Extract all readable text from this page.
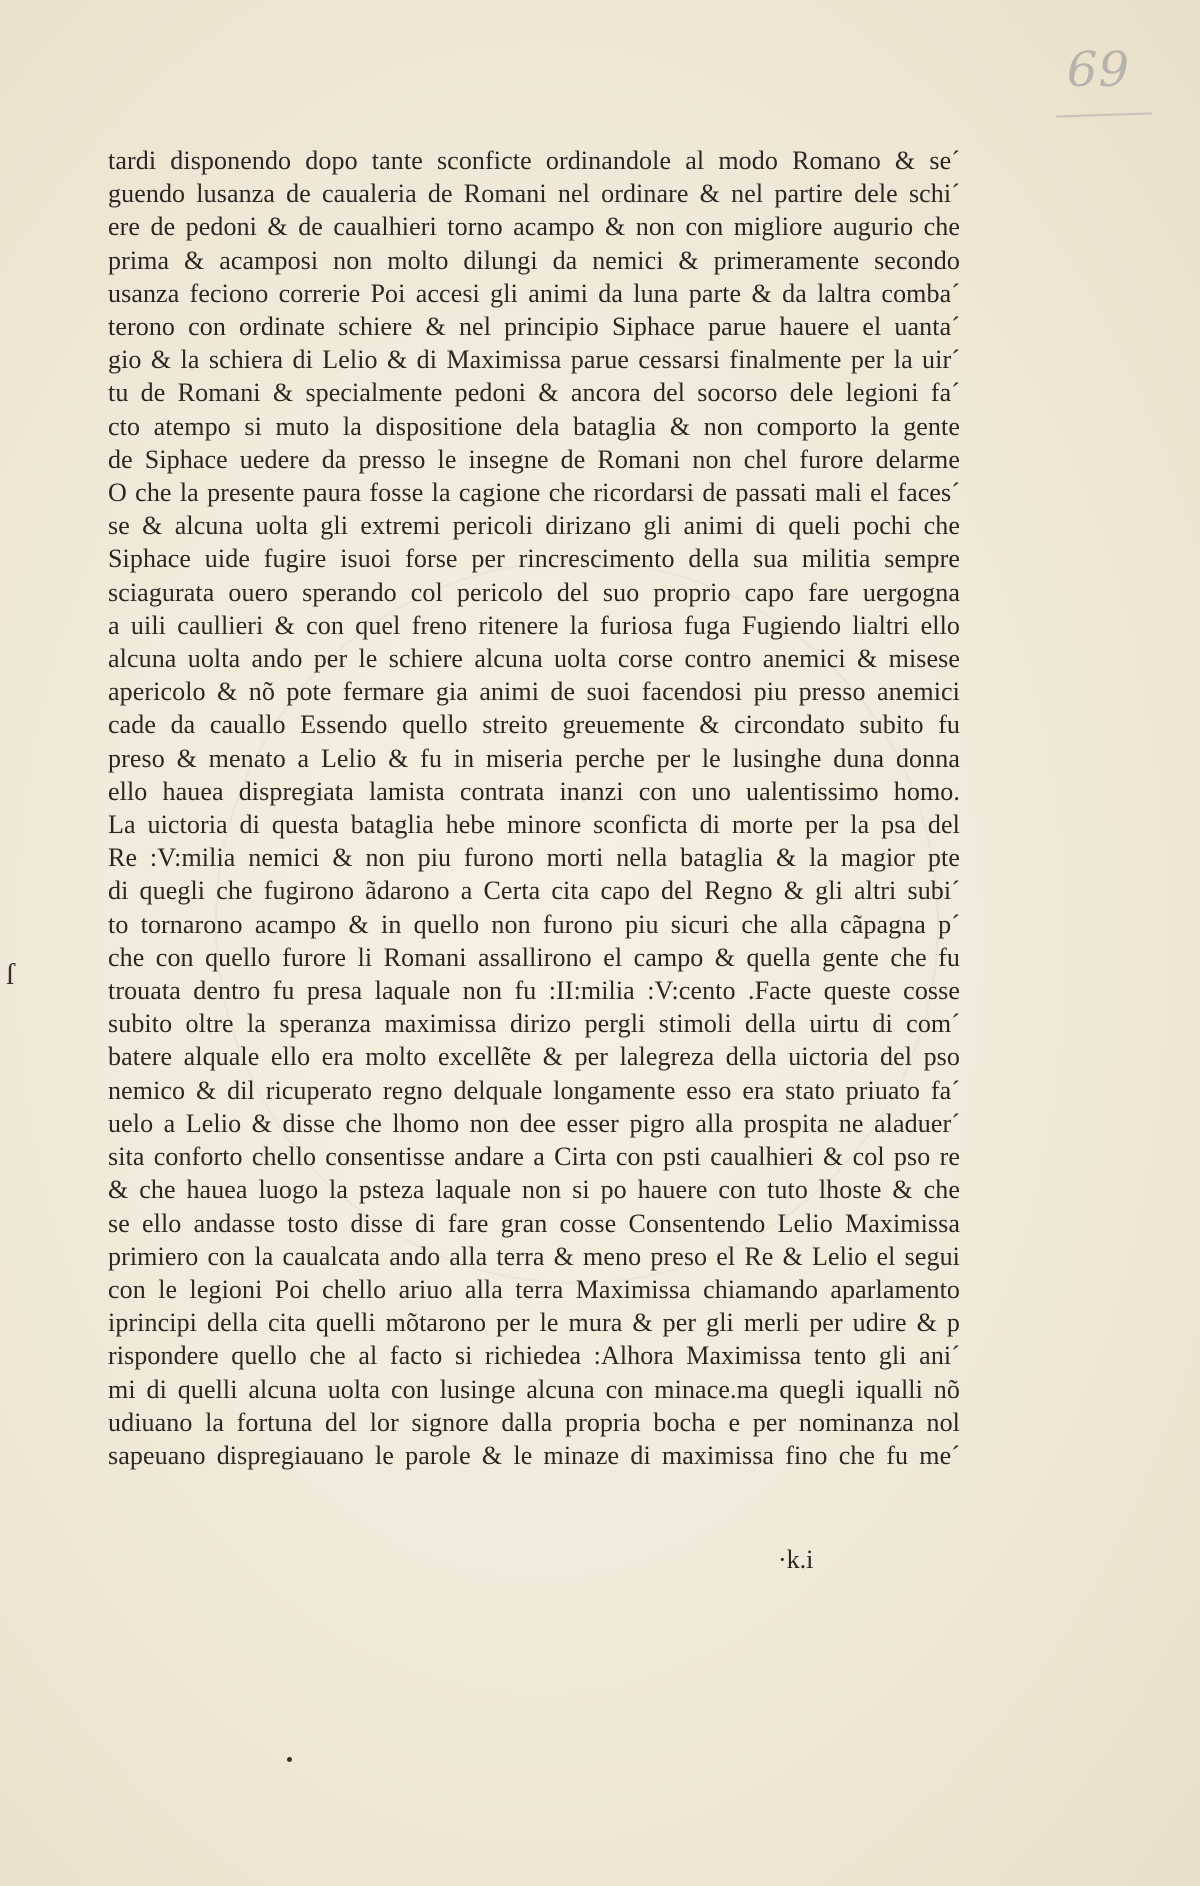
69
tardi disponendo dopo tante sconficte ordinandole al modo Romano & se´
guendo lusanza de caualeria de Romani nel ordinare & nel partire dele schi´
ere de pedoni & de caualhieri torno acampo & non con migliore augurio che
prima & acamposi non molto dilungi da nemici & primeramente secondo
usanza feciono correrie Poi accesi gli animi da luna parte & da laltra comba´
terono con ordinate schiere & nel principio Siphace parue hauere el uanta´
gio & la schiera di Lelio & di Maximissa parue cessarsi finalmente per la uir´
tu de Romani & specialmente pedoni & ancora del socorso dele legioni fa´
cto atempo si muto la dispositione dela bataglia & non comporto la gente
de Siphace uedere da presso le insegne de Romani non chel furore delarme
O che la presente paura fosse la cagione che ricordarsi de passati mali el faces´
se & alcuna uolta gli extremi pericoli dirizano gli animi di queli pochi che
Siphace uide fugire isuoi forse per rincrescimento della sua militia sempre
sciagurata ouero sperando col pericolo del suo proprio capo fare uergogna
a uili caullieri & con quel freno ritenere la furiosa fuga Fugiendo lialtri ello
alcuna uolta ando per le schiere alcuna uolta corse contro anemici & misese
apericolo & nõ pote fermare gia animi de suoi facendosi piu presso anemici
cade da cauallo Essendo quello streito greuemente & circondato subito fu
preso & menato a Lelio & fu in miseria perche per le lusinghe duna donna
ello hauea dispregiata lamista contrata inanzi con uno ualentissimo homo.
La uictoria di questa bataglia hebe minore sconficta di morte per la psa del
Re :V:milia nemici & non piu furono morti nella bataglia & la magior pte
di quegli che fugirono ãdarono a Certa cita capo del Regno & gli altri subi´
to tornarono acampo & in quello non furono piu sicuri che alla cãpagna p´
che con quello furore li Romani assallirono el campo & quella gente che fu
trouata dentro fu presa laquale non fu :II:milia :V:cento .Facte queste cosse
subito oltre la speranza maximissa dirizo pergli stimoli della uirtu di com´
batere alquale ello era molto excellẽte & per lalegreza della uictoria del pso
nemico & dil ricuperato regno delquale longamente esso era stato priuato fa´
uelo a Lelio & disse che lhomo non dee esser pigro alla prospita ne aladuer´
sita conforto chello consentisse andare a Cirta con psti caualhieri & col pso re
& che hauea luogo la psteza laquale non si po hauere con tuto lhoste & che
se ello andasse tosto disse di fare gran cosse Consentendo Lelio Maximissa
primiero con la caualcata ando alla terra & meno preso el Re & Lelio el segui
con le legioni Poi chello ariuo alla terra Maximissa chiamando aparlamento
iprincipi della cita quelli mõtarono per le mura & per gli merli per udire & p
rispondere quello che al facto si richiedea :Alhora Maximissa tento gli ani´
mi di quelli alcuna uolta con lusinge alcuna con minace.ma quegli iqualli nõ
udiuano la fortuna del lor signore dalla propria bocha e per nominanza nol
sapeuano dispregiauano le parole & le minaze di maximissa fino che fu me´
ſ
·k.i
